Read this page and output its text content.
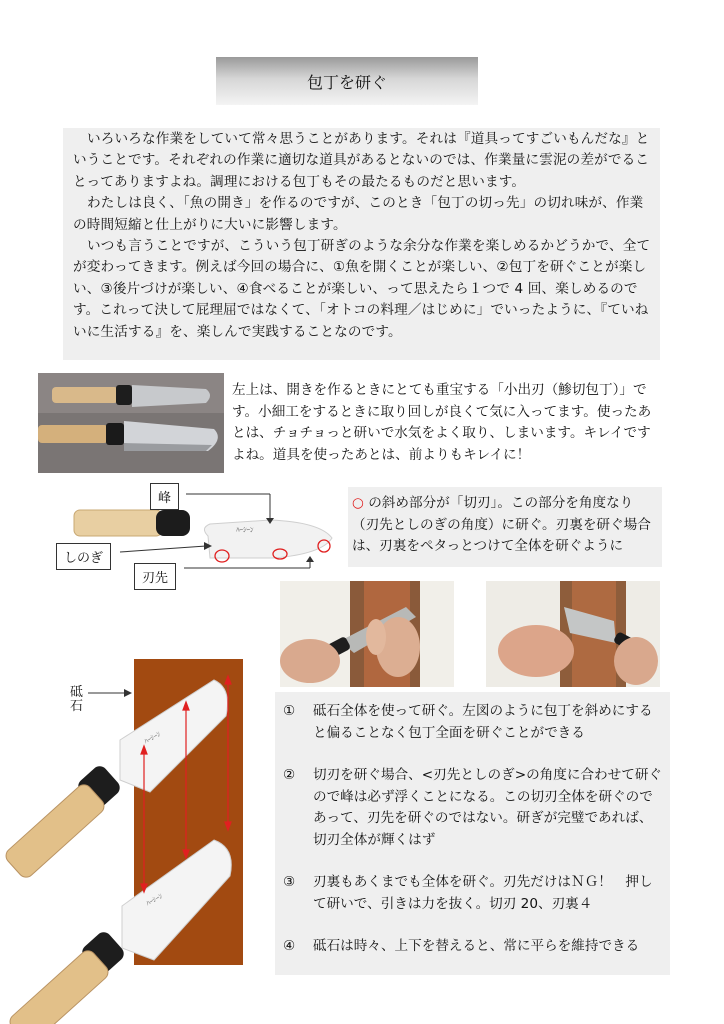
包丁を研ぐ

いろいろな作業をしていて常々思うことがあります。それは『道具ってすごいもんだな』ということです。それぞれの作業に適切な道具があるとないのでは、作業量に雲泥の差がでることってありますよね。調理における包丁もその最たるものだと思います。

わたしは良く、「魚の開き」を作るのですが、このとき「包丁の切っ先」の切れ味が、作業の時間短縮と仕上がりに大いに影響します。

いつも言うことですが、こういう包丁研ぎのような余分な作業を楽しめるかどうかで、全てが変わってきます。例えば今回の場合に、①魚を開くことが楽しい、②包丁を研ぐことが楽しい、③後片づけが楽しい、④食べることが楽しい、って思えたら１つで 4 回、楽しめるのです。これって決して屁理屈ではなくて、「オトコの料理／はじめに」でいったように、『ていねいに生活する』を、楽しんで実践することなのです。

左上は、開きを作るときにとても重宝する「小出刃（鯵切包丁）」です。小細工をするときに取り回しが良くて気に入ってます。使ったあとは、チョチョっと研いで水気をよく取り、しまいます。キレイですよね。道具を使ったあとは、前よりもキレイに！
ﾊｰｼｰﾝ
峰
しのぎ
刃先
○ の斜め部分が「切刃」。この部分を角度なり（刃先としのぎの角度）に研ぐ。刃裏を研ぐ場合は、刃裏をペタっとつけて全体を研ぐように
砥石
ﾊｰｼｰﾝ
ﾊｰｼｰﾝ
①	砥石全体を使って研ぐ。左図のように包丁を斜めにすると偏ることなく包丁全面を研ぐことができる
②	切刃を研ぐ場合、<刃先としのぎ>の角度に合わせて研ぐので峰は必ず浮くことになる。この切刃全体を研ぐのであって、刃先を研ぐのではない。研ぎが完璧であれば、切刃全体が輝くはず
③	刃裏もあくまでも全体を研ぐ。刃先だけはＮＧ！　押して研いで、引きは力を抜く。切刃 20、刃裏４
④	砥石は時々、上下を替えると、常に平らを維持できる
